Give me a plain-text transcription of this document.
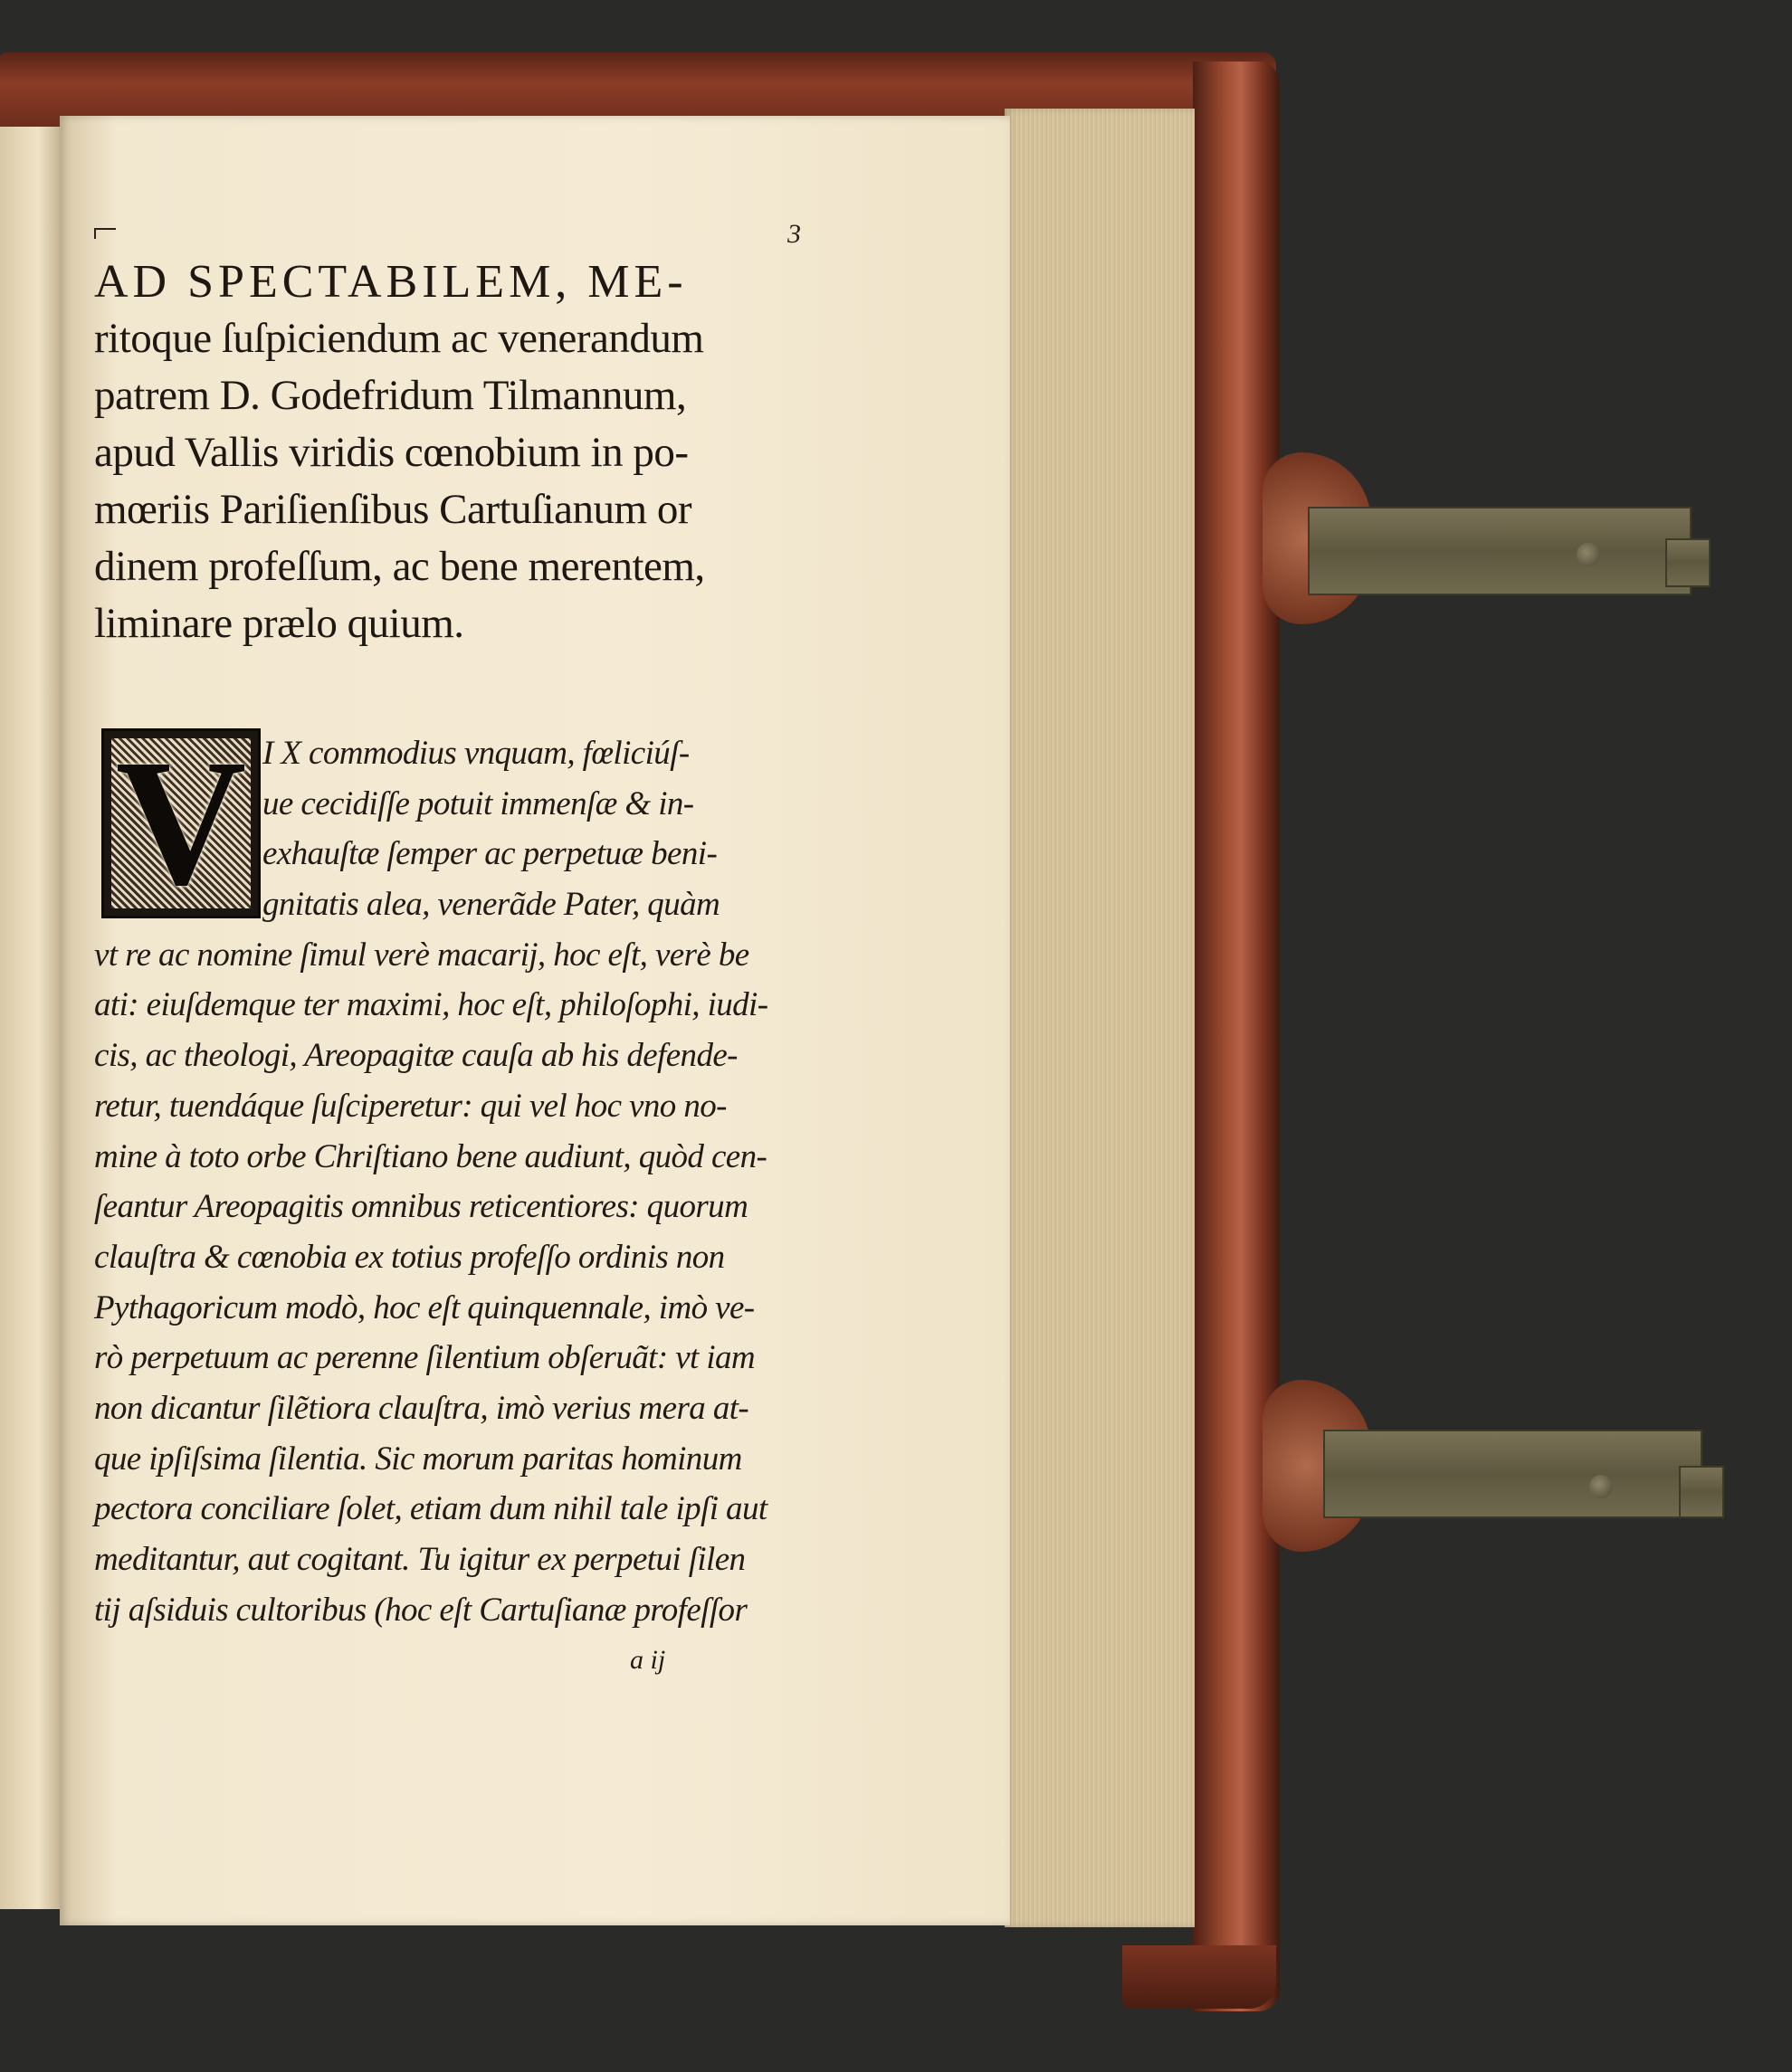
3
AD SPECTABILEM, ME-
ritoque ſuſpiciendum ac venerandum
patrem D. Godefridum Tilmannum,
apud Vallis viridis cœnobium in po-
mœriis Pariſienſibus Cartuſianum or
dinem profeſſum, ac bene merentem,
liminare prælo quium.
V I X commodius vnquam, fœliciúſ-
ue cecidiſſe potuit immenſæ & in-
exhauſtæ ſemper ac perpetuæ beni-
gnitatis alea, venerãde Pater, quàm
vt re ac nomine ſimul verè macarij, hoc eſt, verè be
ati: eiuſdemque ter maximi, hoc eſt, philoſophi, iudi-
cis, ac theologi, Areopagitæ cauſa ab his defende-
retur, tuendáque ſuſciperetur: qui vel hoc vno no-
mine à toto orbe Chriſtiano bene audiunt, quòd cen-
ſeantur Areopagitis omnibus reticentiores: quorum
clauſtra & cœnobia ex totius profeſſo ordinis non
Pythagoricum modò, hoc eſt quinquennale, imò ve-
rò perpetuum ac perenne ſilentium obſeruãt: vt iam
non dicantur ſilẽtiora clauſtra, imò verius mera at-
que ipſiſsima ſilentia. Sic morum paritas hominum
pectora conciliare ſolet, etiam dum nihil tale ipſi aut
meditantur, aut cogitant. Tu igitur ex perpetui ſilen
tij aſsiduis cultoribus (hoc eſt Cartuſianæ profeſſor
a ij
